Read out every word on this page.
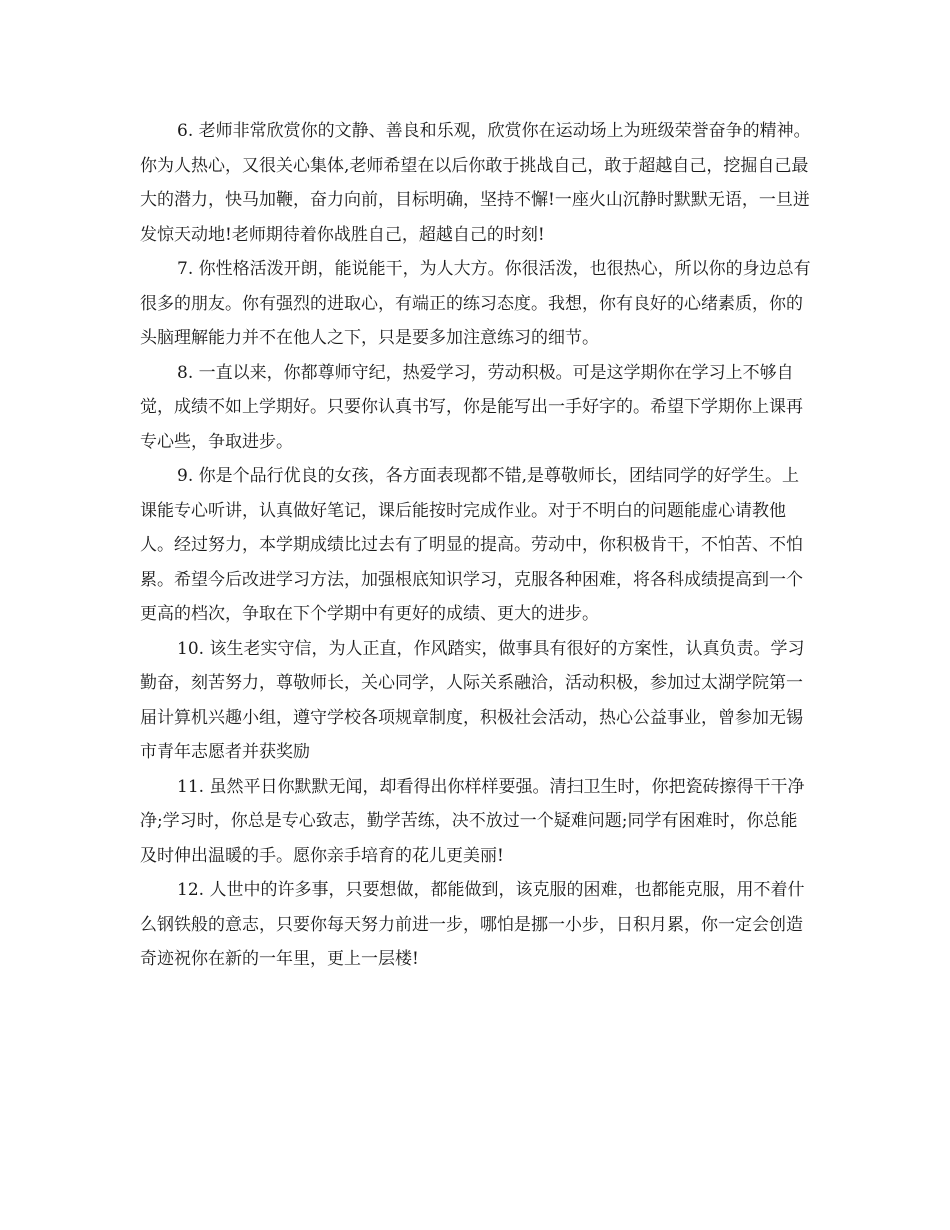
6. 老师非常欣赏你的文静、善良和乐观，欣赏你在运动场上为班级荣誉奋争的精神。你为人热心，又很关心集体,老师希望在以后你敢于挑战自己，敢于超越自己，挖掘自己最大的潜力，快马加鞭，奋力向前，目标明确，坚持不懈!一座火山沉静时默默无语，一旦迸发惊天动地!老师期待着你战胜自己，超越自己的时刻!

7. 你性格活泼开朗，能说能干，为人大方。你很活泼，也很热心，所以你的身边总有很多的朋友。你有强烈的进取心，有端正的练习态度。我想，你有良好的心绪素质，你的头脑理解能力并不在他人之下，只是要多加注意练习的细节。

8. 一直以来，你都尊师守纪，热爱学习，劳动积极。可是这学期你在学习上不够自觉，成绩不如上学期好。只要你认真书写，你是能写出一手好字的。希望下学期你上课再专心些，争取进步。

9. 你是个品行优良的女孩，各方面表现都不错,是尊敬师长，团结同学的好学生。上课能专心听讲，认真做好笔记，课后能按时完成作业。对于不明白的问题能虚心请教他人。经过努力，本学期成绩比过去有了明显的提高。劳动中，你积极肯干，不怕苦、不怕累。希望今后改进学习方法，加强根底知识学习，克服各种困难，将各科成绩提高到一个更高的档次，争取在下个学期中有更好的成绩、更大的进步。

10. 该生老实守信，为人正直，作风踏实，做事具有很好的方案性，认真负责。学习勤奋，刻苦努力，尊敬师长，关心同学，人际关系融洽，活动积极，参加过太湖学院第一届计算机兴趣小组，遵守学校各项规章制度，积极社会活动，热心公益事业，曾参加无锡市青年志愿者并获奖励

11. 虽然平日你默默无闻，却看得出你样样要强。清扫卫生时，你把瓷砖擦得干干净净;学习时，你总是专心致志，勤学苦练，决不放过一个疑难问题;同学有困难时，你总能及时伸出温暖的手。愿你亲手培育的花儿更美丽!

12. 人世中的许多事，只要想做，都能做到，该克服的困难，也都能克服，用不着什么钢铁般的意志，只要你每天努力前进一步，哪怕是挪一小步，日积月累，你一定会创造奇迹祝你在新的一年里，更上一层楼!
